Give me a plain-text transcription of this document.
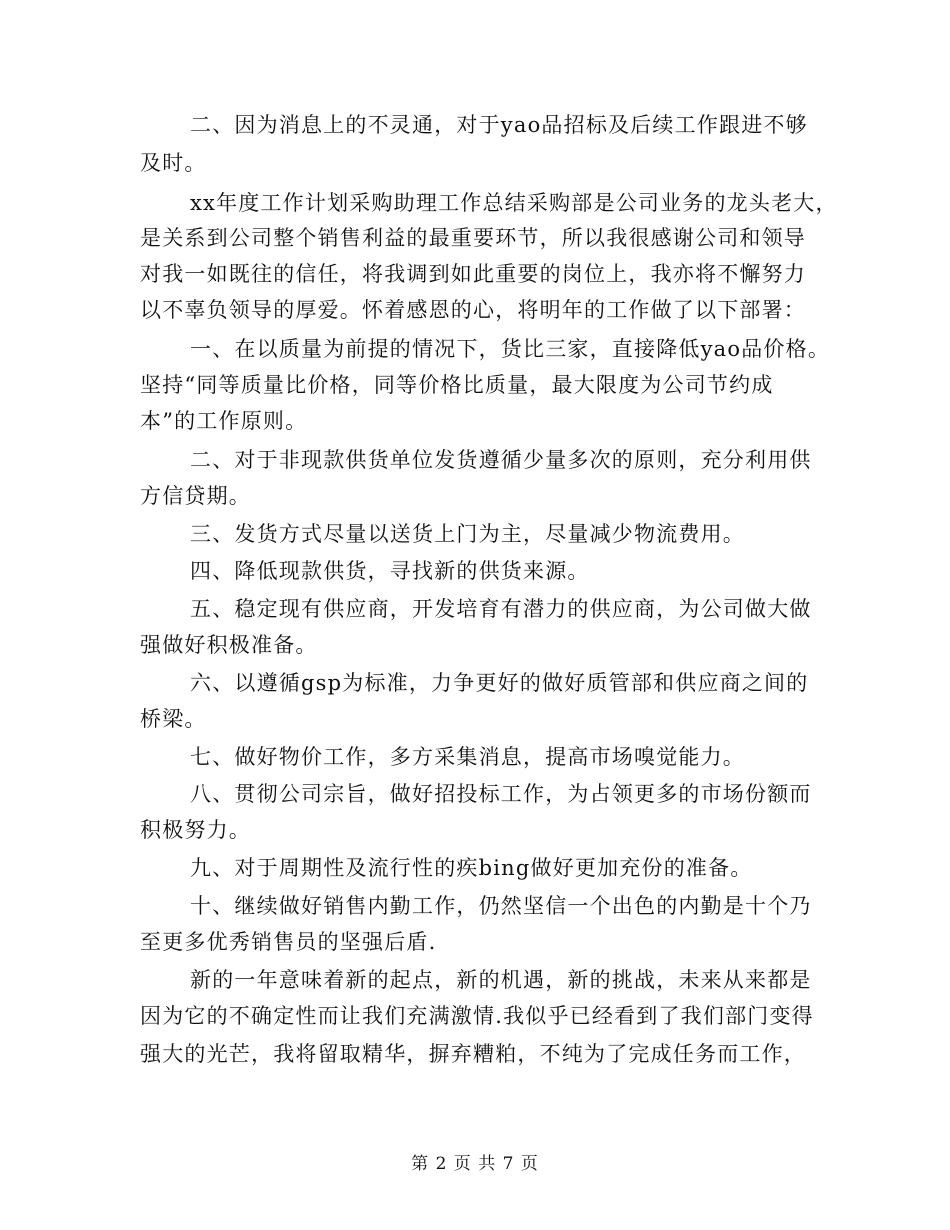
二、因为消息上的不灵通，对于yao品招标及后续工作跟进不够
及时。
xx年度工作计划采购助理工作总结采购部是公司业务的龙头老大，
是关系到公司整个销售利益的最重要环节，所以我很感谢公司和领导
对我一如既往的信任，将我调到如此重要的岗位上，我亦将不懈努力
以不辜负领导的厚爱。怀着感恩的心，将明年的工作做了以下部署：
一、在以质量为前提的情况下，货比三家，直接降低yao品价格。
坚持“同等质量比价格，同等价格比质量，最大限度为公司节约成
本”的工作原则。
二、对于非现款供货单位发货遵循少量多次的原则，充分利用供
方信贷期。
三、发货方式尽量以送货上门为主，尽量减少物流费用。
四、降低现款供货，寻找新的供货来源。
五、稳定现有供应商，开发培育有潜力的供应商，为公司做大做
强做好积极准备。
六、以遵循gsp为标准，力争更好的做好质管部和供应商之间的
桥梁。
七、做好物价工作，多方采集消息，提高市场嗅觉能力。
八、贯彻公司宗旨，做好招投标工作，为占领更多的市场份额而
积极努力。
九、对于周期性及流行性的疾bing做好更加充份的准备。
十、继续做好销售内勤工作，仍然坚信一个出色的内勤是十个乃
至更多优秀销售员的坚强后盾.
新的一年意味着新的起点，新的机遇，新的挑战，未来从来都是
因为它的不确定性而让我们充满激情.我似乎已经看到了我们部门变得
强大的光芒，我将留取精华，摒弃糟粕，不纯为了完成任务而工作，
第 2 页 共 7 页
